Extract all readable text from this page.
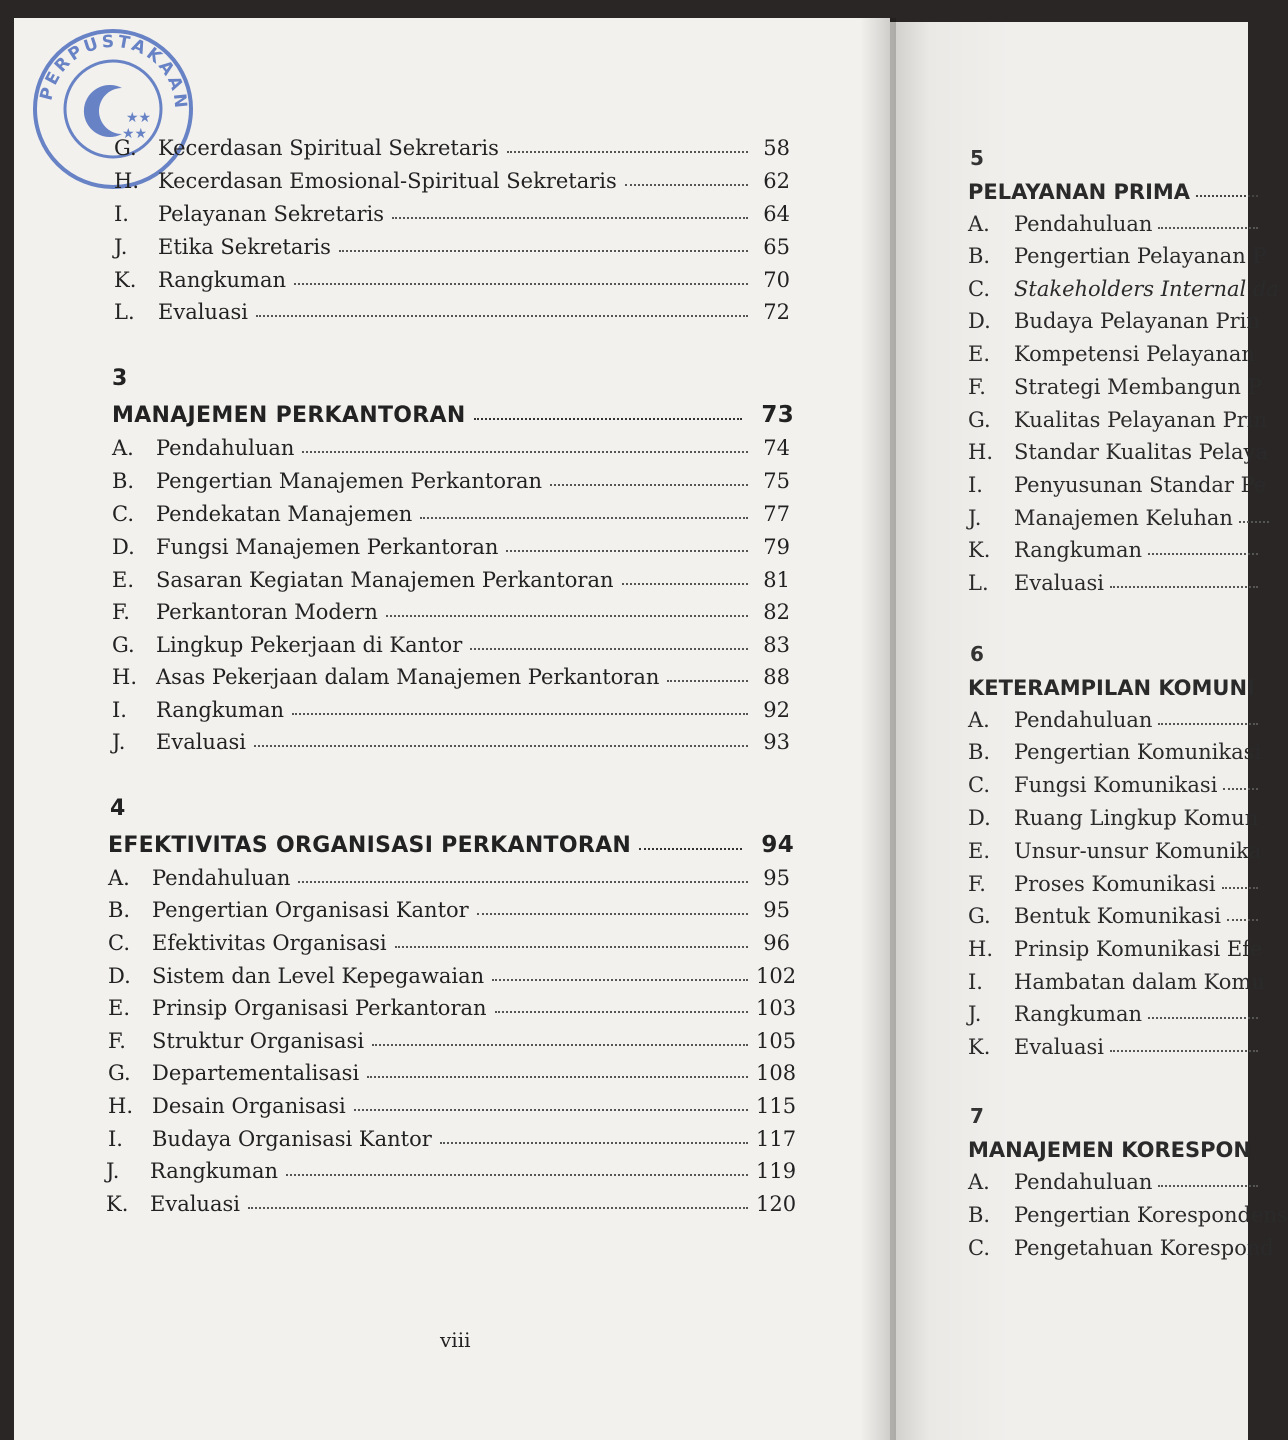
PERPUSTAKAAN
★★
★★
G.	Kecerdasan Spiritual Sekretaris	58
H. Kecerdasan Emosional-Spiritual Sekretaris	62
I.	Pelayanan Sekretaris	64
J.	Etika Sekretaris	65
K.	Rangkuman	70
L.	Evaluasi	72
3
MANAJEMEN PERKANTORAN	73
A.	Pendahuluan	74
B.	Pengertian Manajemen Perkantoran	75
C.	Pendekatan Manajemen	77
D.	Fungsi Manajemen Perkantoran	79
E.	Sasaran Kegiatan Manajemen Perkantoran	81
F.	Perkantoran Modern	82
G.	Lingkup Pekerjaan di Kantor	83
H. Asas Pekerjaan dalam Manajemen Perkantoran	88
I.	Rangkuman	92
J.	Evaluasi	93
4
EFEKTIVITAS ORGANISASI PERKANTORAN	94
A.	Pendahuluan	95
B.	Pengertian Organisasi Kantor	95
C.	Efektivitas Organisasi	96
D.	Sistem dan Level Kepegawaian	102
E.	Prinsip Organisasi Perkantoran	103
F.	Struktur Organisasi	105
G.	Departementalisasi	108
H. Desain Organisasi	115
I.	Budaya Organisasi Kantor	117
J.	Rangkuman	119
K.	Evaluasi	120
viii
5
PELAYANAN PRIMA
A.	Pendahuluan
B.	Pengertian Pelayanan P
C.	Stakeholders Internal da
D.	Budaya Pelayanan Prin
E.	Kompetensi Pelayanan
F.	Strategi Membangun P
G.	Kualitas Pelayanan Prin
H.	Standar Kualitas Pelaya
I.	Penyusunan Standar Pe
J.	Manajemen Keluhan
K.	Rangkuman
L.	Evaluasi
6
KETERAMPILAN KOMUNI
A.	Pendahuluan
B.	Pengertian Komunikasi
C.	Fungsi Komunikasi
D.	Ruang Lingkup Komun
E.	Unsur-unsur Komunika
F.	Proses Komunikasi
G.	Bentuk Komunikasi
H.	Prinsip Komunikasi Efe
I.	Hambatan dalam Komu
J.	Rangkuman
K.	Evaluasi
7
MANAJEMEN KORESPON
A.	Pendahuluan
B.	Pengertian Korespondens
C.	Pengetahuan Korespond
